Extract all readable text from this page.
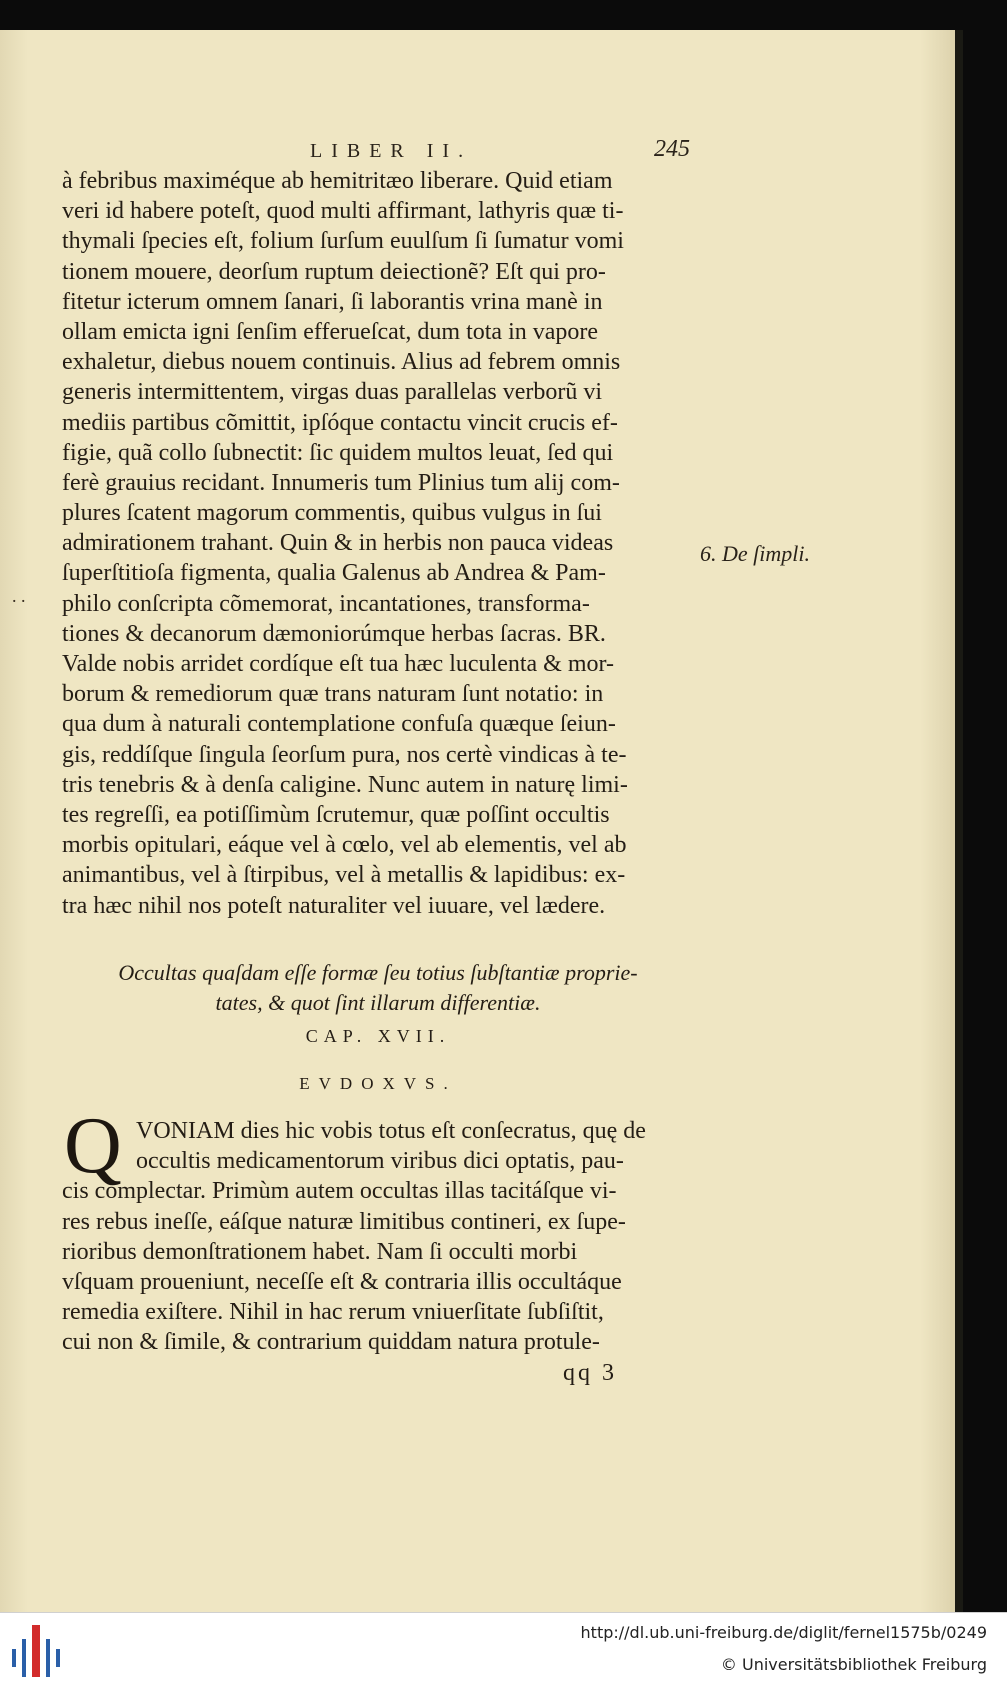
LIBER II.	245
à febribus maximéque ab hemitritæo liberare. Quid etiam
veri id habere poteſt, quod multi affirmant, lathyris quæ ti-
thymali ſpecies eſt, folium ſurſum euulſum ſi ſumatur vomi
tionem mouere, deorſum ruptum deiectionẽ? Eſt qui pro-
fitetur icterum omnem ſanari, ſi laborantis vrina manè in
ollam emicta igni ſenſim efferueſcat, dum tota in vapore
exhaletur, diebus nouem continuis. Alius ad febrem omnis
generis intermittentem, virgas duas parallelas verborũ vi
mediis partibus cõmittit, ipſóque contactu vincit crucis ef-
figie, quã collo ſubnectit: ſic quidem multos leuat, ſed qui
ferè grauius recidant. Innumeris tum Plinius tum alij com-
plures ſcatent magorum commentis, quibus vulgus in ſui
admirationem trahant. Quin & in herbis non pauca videas
ſuperſtitioſa figmenta, qualia Galenus ab Andrea & Pam-
philo conſcripta cõmemorat, incantationes, transforma-
tiones & decanorum dæmoniorúmque herbas ſacras. BR.
Valde nobis arridet cordíque eſt tua hæc luculenta & mor-
borum & remediorum quæ trans naturam ſunt notatio: in
qua dum à naturali contemplatione confuſa quæque ſeiun-
gis, reddíſque ſingula ſeorſum pura, nos certè vindicas à te-
tris tenebris & à denſa caligine. Nunc autem in naturę limi-
tes regreſſi, ea potiſſimùm ſcrutemur, quæ poſſint occultis
morbis opitulari, eáque vel à cœlo, vel ab elementis, vel ab
animantibus, vel à ſtirpibus, vel à metallis & lapidibus: ex-
tra hæc nihil nos poteſt naturaliter vel iuuare, vel lædere.
6. De ſimpli.
. .
Occultas quaſdam eſſe formæ ſeu totius ſubſtantiæ proprie-
tates, & quot ſint illarum differentiæ.
CAP. XVII.
EVDOXVS.
Q VONIAM dies hic vobis totus eſt conſecratus, quę de
occultis medicamentorum viribus dici optatis, pau-
cis complectar. Primùm autem occultas illas tacitáſque vi-
res rebus ineſſe, eáſque naturæ limitibus contineri, ex ſupe-
rioribus demonſtrationem habet. Nam ſi occulti morbi
vſquam proueniunt, neceſſe eſt & contraria illis occultáque
remedia exiſtere. Nihil in hac rerum vniuerſitate ſubſiſtit,
cui non & ſimile, & contrarium quiddam natura protule-
qq 3
http://dl.ub.uni-freiburg.de/diglit/fernel1575b/0249
© Universitätsbibliothek Freiburg
